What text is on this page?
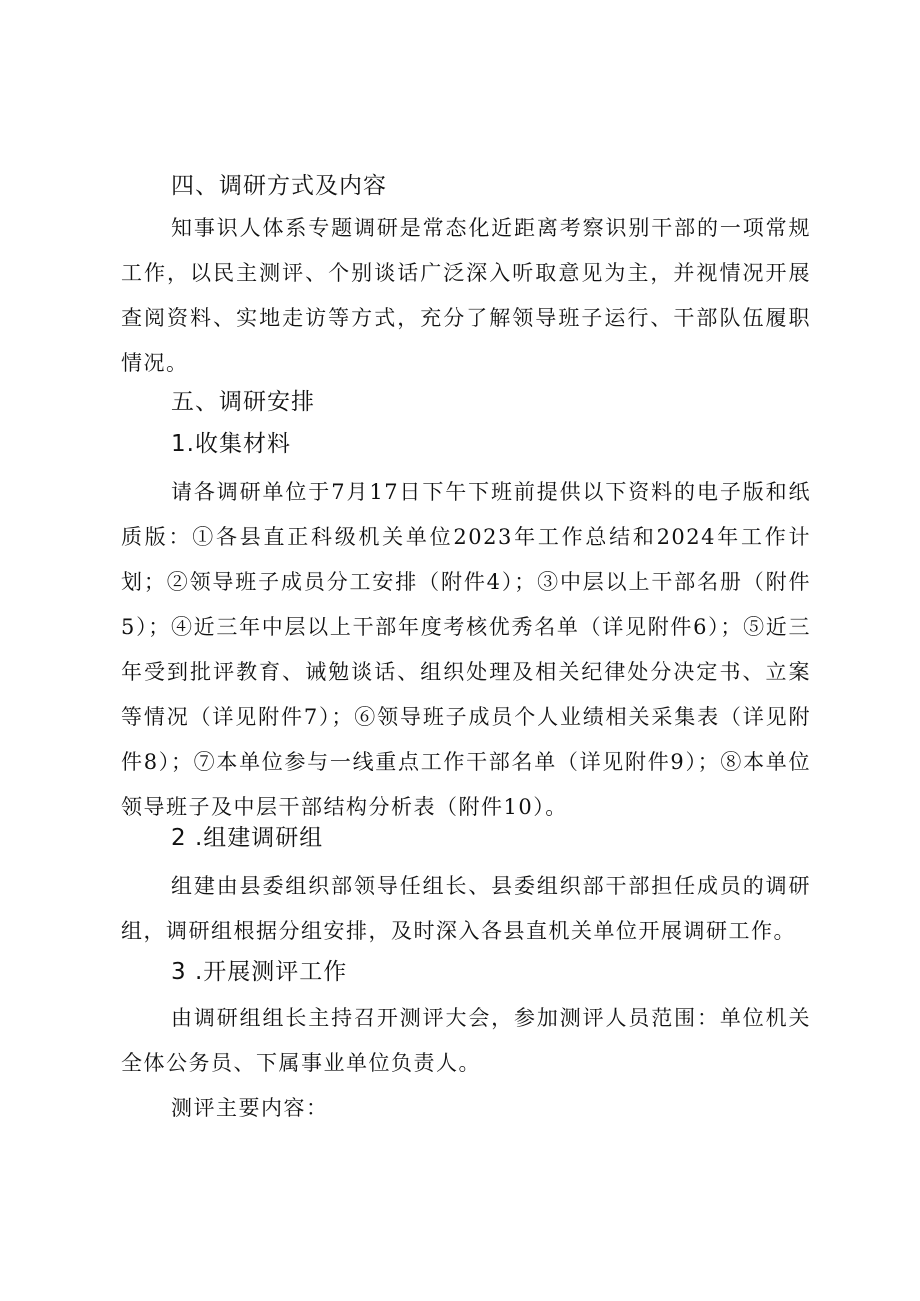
四、调研方式及内容

知事识人体系专题调研是常态化近距离考察识别干部的一项常规工作，以民主测评、个别谈话广泛深入听取意见为主，并视情况开展查阅资料、实地走访等方式，充分了解领导班子运行、干部队伍履职情况。

五、调研安排
1.收集材料

请各调研单位于7月17日下午下班前提供以下资料的电子版和纸质版：①各县直正科级机关单位2023年工作总结和2024年工作计划；②领导班子成员分工安排（附件4）；③中层以上干部名册（附件5）；④近三年中层以上干部年度考核优秀名单（详见附件6）；⑤近三年受到批评教育、诫勉谈话、组织处理及相关纪律处分决定书、立案等情况（详见附件7）；⑥领导班子成员个人业绩相关采集表（详见附件8）；⑦本单位参与一线重点工作干部名单（详见附件9）；⑧本单位领导班子及中层干部结构分析表（附件10）。

2 .组建调研组

组建由县委组织部领导任组长、县委组织部干部担任成员的调研组，调研组根据分组安排，及时深入各县直机关单位开展调研工作。

3 .开展测评工作

由调研组组长主持召开测评大会，参加测评人员范围：单位机关全体公务员、下属事业单位负责人。

测评主要内容：
